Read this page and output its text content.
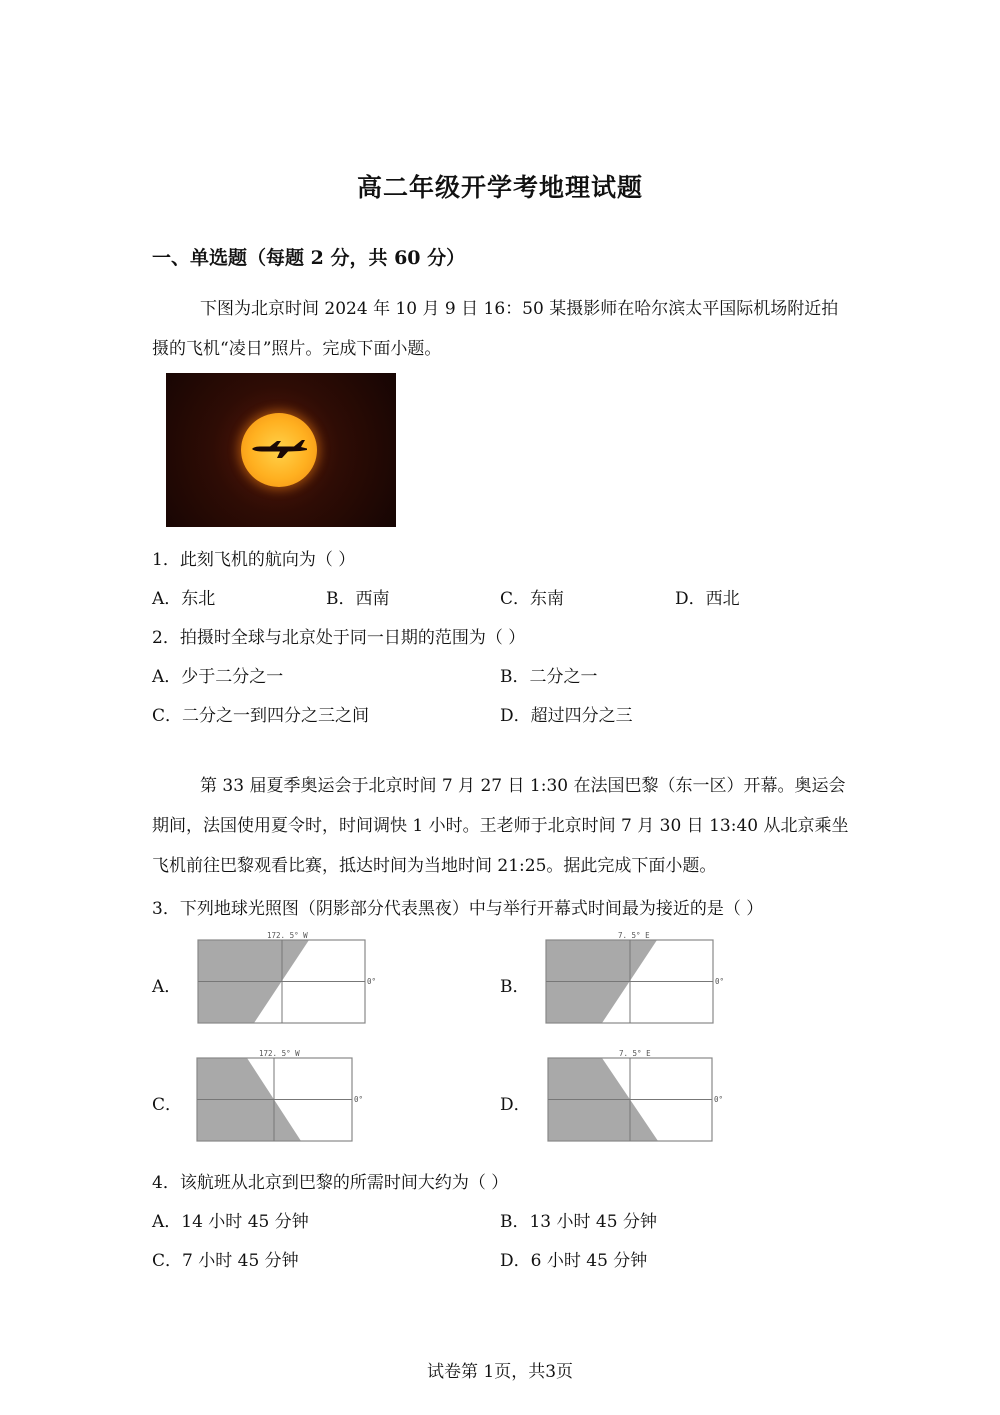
高二年级开学考地理试题
一、单选题（每题 2 分，共 60 分）
下图为北京时间 2024 年 10 月 9 日 16：50 某摄影师在哈尔滨太平国际机场附近拍摄的飞机“凌日”照片。完成下面小题。
1．此刻飞机的航向为（ ）
A．东北	B．西南	C．东南	D．西北
2．拍摄时全球与北京处于同一日期的范围为（ ）
A．少于二分之一	B．二分之一
C．二分之一到四分之三之间	D．超过四分之三
第 33 届夏季奥运会于北京时间 7 月 27 日 1:30 在法国巴黎（东一区）开幕。奥运会期间，法国使用夏令时，时间调快 1 小时。王老师于北京时间 7 月 30 日 13:40 从北京乘坐飞机前往巴黎观看比赛，抵达时间为当地时间 21:25。据此完成下面小题。
3．下列地球光照图（阴影部分代表黑夜）中与举行开幕式时间最为接近的是（ ）
A．
172. 5° W
0°	B．
7. 5° E
0°
C．
172. 5° W
0°	D．
7. 5° E
0°
4．该航班从北京到巴黎的所需时间大约为（ ）
A．14 小时 45 分钟	B．13 小时 45 分钟
C．7 小时 45 分钟	D．6 小时 45 分钟
试卷第 1页，共3页
